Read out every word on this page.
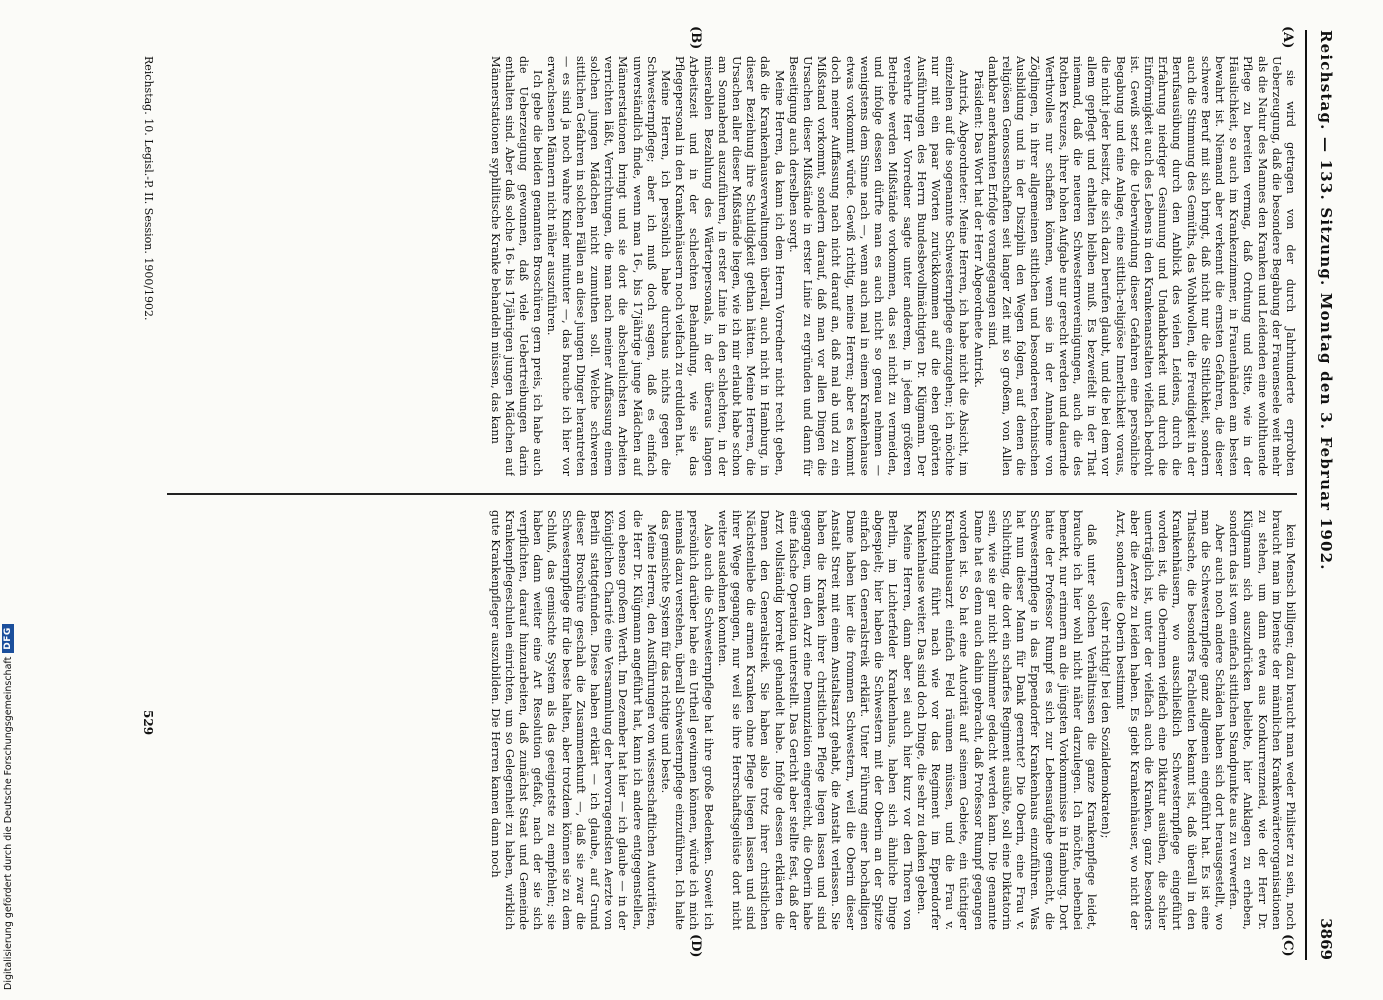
Reichstag. — 133. Sitzung. Montag den 3. Februar 1902.
3869

sie wird getragen von der durch Jahrhunderte erprobten Ueberzeugung, daß die besondere Begabung der Frauenseele weit mehr als die Natur des Mannes den Kranken und Leidenden eine wohlthuende Pflege zu bereiten vermag, daß Ordnung und Sitte, wie in der Häuslichkeit, so auch im Krankenzimmer, in Frauenhänden am besten bewahrt ist. Niemand aber verkennt die ernsten Gefahren, die dieser schwere Beruf mit sich bringt, daß nicht nur die Sittlichkeit, sondern auch die Stimmung des Gemüths, das Wohlwollen, die Freudigkeit in der Berufsausübung durch den Anblick des vielen Leidens, durch die Erfahrung niedriger Gesinnung und Undankbarkeit und durch die Einförmigkeit auch des Lebens in den Krankenanstalten vielfach bedroht ist. Gewiß setzt die Ueberwindung dieser Gefahren eine persönliche Begabung und eine Anlage, eine sittlich-religiöse Innerlichkeit voraus, die nicht jeder besitzt, die sich dazu berufen glaubt, und die bei dem vor allem gepflegt und erhalten bleiben muß. Es bezweifelt in der That niemand, daß die neueren Schwesternvereinigungen, auch die des Rothen Kreuzes, ihrer hohen Aufgabe nur gerecht werden und dauernde Werthvolles nur schaffen können, wenn sie in der Annahme von Zöglingen, in ihrer allgemeinen sittlichen und besonderen technischen Ausbildung und in der Disziplin den Wegen folgen, auf denen die religiösen Genossenschaften seit langer Zeit mit so großem, von Allen dankbar anerkannten Erfolge vorangegangen sind.

Präsident: Das Wort hat der Herr Abgeordnete Antrick.

Antrick, Abgeordneter: Meine Herren, ich habe nicht die Absicht, im einzelnen auf die sogenannte Schwesternpflege einzugehen; ich möchte nur mit ein paar Worten zurückkommen auf die eben gehörten Ausführungen des Herrn Bundesbevollmächtigten Dr. Klügmann. Der verehrte Herr Vorredner sagte unter anderem, in jedem größeren Betriebe werden Mißstände vorkommen, das sei nicht zu vermeiden, und infolge dessen dürfte man es auch nicht so genau nehmen — wenigstens dem Sinne nach —, wenn auch mal in einem Krankenhause etwas vorkommt würde. Gewiß richtig, meine Herren; aber es kommt doch meiner Auffassung nach nicht darauf an, daß mal ab und zu ein Mißstand vorkommt, sondern darauf, daß man vor allen Dingen die Ursachen dieser Mißstände in erster Linie zu ergründen und dann für Beseitigung auch derselben sorgt.

Meine Herren, da kann ich dem Herrn Vorredner nicht recht geben, daß die Krankenhausverwaltungen überall, auch nicht in Hamburg, in dieser Beziehung ihre Schuldigkeit gethan hätten. Meine Herren, die Ursachen aller dieser Mißstände liegen, wie ich mir erlaubt habe schon am Sonnabend auszuführen, in erster Linie in den schlechten, in der miserablen Bezahlung des Wärterpersonals, in der überaus langen Arbeitszeit und in der schlechten Behandlung, wie sie das Pflegepersonal in den Krankenhäusern noch vielfach zu erdulden hat.

Meine Herren, ich persönlich habe durchaus nichts gegen die Schwesternpflege; aber ich muß doch sagen, daß es einfach unverständlich finde, wenn man 16-, bis 17jährige junge Mädchen auf Männerstationen bringt und sie dort die abscheulichsten Arbeiten verrichten läßt, Verrichtungen, die man nach meiner Auffassung einem solchen jungen Mädchen nicht zumuthen soll. Welche schweren sittlichen Gefahren in solchen Fällen an diese jungen Dinger herantreten — es sind ja noch wahre Kinder mitunter —, das brauche ich hier vor erwachsenen Männern nicht näher auszuführen.

Ich gebe die beiden genannten Broschüren gern preis, ich habe auch die Ueberzeugung gewonnen, daß viele Uebertreibungen darin enthalten sind. Aber daß solche 16- bis 17jährigen jungen Mädchen auf Männerstationen syphilitische Kranke behandeln müssen, das kann

kein Mensch billigen; dazu braucht man weder Philister zu sein, noch braucht man im Dienste der männlichen Krankenwärterorganisationen zu stehen, um dann etwa aus Konkurrenzneid, wie der Herr Dr. Klügmann sich auszudrücken beliebte, hier Anklagen zu erheben, sondern das ist vom einfach sittlichen Standpunkte aus zu verwerfen.

Aber auch noch andere Schäden haben sich dort herausgestellt, wo man die Schwesternpflege ganz allgemein eingeführt hat. Es ist eine Thatsache, die besonders Fachleuten bekannt ist, daß überall in den Krankenhäusern, wo ausschließlich Schwesternpflege eingeführt worden ist, die Oberinnen vielfach eine Diktatur ausüben, die schier unerträglich ist, unter der vielfach auch die Kranken, ganz besonders aber die Aerzte zu leiden haben. Es giebt Krankenhäuser, wo nicht der Arzt, sondern die Oberin bestimmt

(sehr richtig! bei den Sozialdemokraten);

daß unter solchen Verhältnissen die ganze Krankenpflege leidet, brauche ich hier wohl nicht näher darzulegen. Ich möchte, nebenbei bemerkt, nur erinnern an die jüngsten Vorkommnisse in Hamburg. Dort hatte der Professor Rumpf es sich zur Lebensaufgabe gemacht, die Schwesternpflege in das Eppendorfer Krankenhaus einzuführen. Was hat nun dieser Mann für Dank geerntet? Die Oberin, eine Frau v. Schlichting, die dort ein scharfes Regiment ausübte, soll eine Diktatorin sein, wie sie gar nicht schlimmer gedacht werden kann. Die genannte Dame hat es denn auch dahin gebracht, daß Professor Rumpf gegangen worden ist. So hat eine Autorität auf seinem Gebiete, ein tüchtiger Krankenhausarzt einfach Feld räumen müssen, und die Frau v. Schlichting führt nach wie vor das Regiment im Eppendorfer Krankenhause weiter. Das sind doch Dinge, die sehr zu denken geben.

Meine Herren, dann aber sei auch hier kurz vor den Thoren von Berlin, im Lichterfelder Krankenhaus, haben sich ähnliche Dinge abgespielt; hier haben die Schwestern mit der Oberin an der Spitze einfach den Generalstreik erklärt. Unter Führung einer hochadligen Dame haben hier die frommen Schwestern, weil die Oberin dieser Anstalt Streit mit einem Anstaltsarzt gehabt, die Anstalt verlassen. Sie haben die Kranken ihrer christlichen Pflege liegen lassen und sind gegangen, um den Arzt eine Denunziation eingereicht, die Oberin habe eine falsche Operation unterstellt. Das Gericht aber stellte fest, daß der Arzt vollständig korrekt gehandelt habe. Infolge dessen erklärten die Damen den Generalstreik. Sie haben also trotz ihrer christlichen Nächstenliebe die armen Kranken ohne Pflege liegen lassen und sind ihrer Wege gegangen, nur weil sie ihre Herrschaftsgelüste dort nicht weiter ausdehnen konnten.

Also auch die Schwesternpflege hat ihre große Bedenken. Soweit ich persönlich darüber habe ein Urtheil gewinnen können, würde ich mich niemals dazu verstehen, überall Schwesternpflege einzuführen. Ich halte das gemischte System für das richtige und beste.

Meine Herren, den Ausführungen von wissenschaftlichen Autoritäten, die Herr Dr. Klügmann angeführt hat, kann ich andere entgegenstellen, von ebenso großem Werth. Im Dezember hat hier — ich glaube — in der Königlichen Charité eine Versammlung der hervorragendsten Aerzte von Berlin stattgefunden. Diese haben erklärt — ich glaube, auf Grund dieser Broschüre geschah die Zusammenkunft —, daß sie zwar die Schwesternpflege für die beste halten, aber trotzdem können sie zu dem Schluß, das gemischte System als das geeignetste zu empfehlen; sie haben dann weiter eine Art Resolution gefaßt, nach der sie sich verpflichten, darauf hinzuarbeiten, daß zunächst Staat und Gemeinde Krankenpflegeschulen einrichten, um so Gelegenheit zu haben, wirklich gute Krankenpfleger auszubilden. Die Herren kamen dann noch

(A)
(B)
(C)
(D)
Reichstag. 10. Legisl.-P. II. Session. 1900/1902.
529
Digitalisierung gefördert durch die Deutsche Forschungsgemeinschaft
DFG
